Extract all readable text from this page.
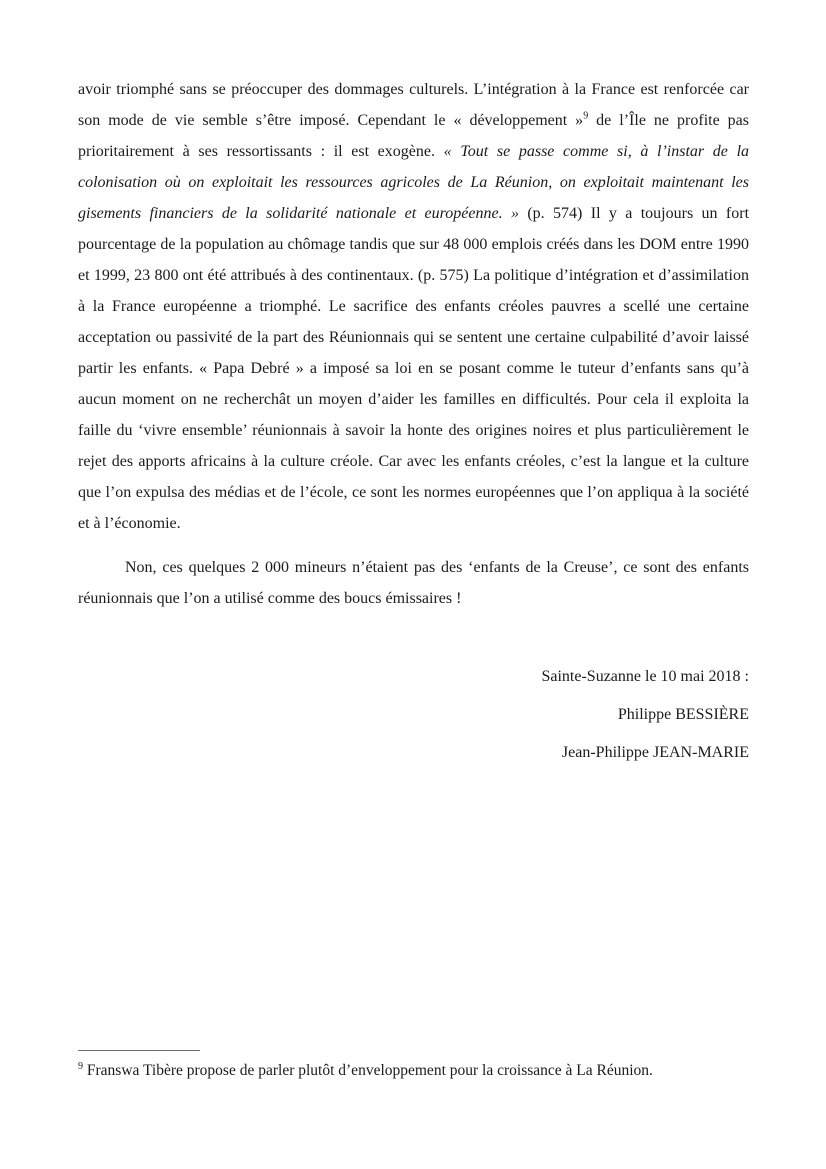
avoir triomphé sans se préoccuper des dommages culturels. L’intégration à la France est renforcée car son mode de vie semble s’être imposé. Cependant le « développement »$^9$ de l’Île ne profite pas prioritairement à ses ressortissants : il est exogène. « Tout se passe comme si, à l’instar de la colonisation où on exploitait les ressources agricoles de La Réunion, on exploitait maintenant les gisements financiers de la solidarité nationale et européenne. » (p. 574) Il y a toujours un fort pourcentage de la population au chômage tandis que sur 48 000 emplois créés dans les DOM entre 1990 et 1999, 23 800 ont été attribués à des continentaux. (p. 575) La politique d’intégration et d’assimilation à la France européenne a triomphé. Le sacrifice des enfants créoles pauvres a scellé une certaine acceptation ou passivité de la part des Réunionnais qui se sentent une certaine culpabilité d’avoir laissé partir les enfants. « Papa Debré » a imposé sa loi en se posant comme le tuteur d’enfants sans qu’à aucun moment on ne recherchât un moyen d’aider les familles en difficultés. Pour cela il exploita la faille du ‘vivre ensemble’ réunionnais à savoir la honte des origines noires et plus particulièrement le rejet des apports africains à la culture créole. Car avec les enfants créoles, c’est la langue et la culture que l’on expulsa des médias et de l’école, ce sont les normes européennes que l’on appliqua à la société et à l’économie.

Non, ces quelques 2 000 mineurs n’étaient pas des ‘enfants de la Creuse’, ce sont des enfants réunionnais que l’on a utilisé comme des boucs émissaires !

Sainte-Suzanne le 10 mai 2018 :

Philippe BESSIÈRE

Jean-Philippe JEAN-MARIE

$^9$ Franswa Tibère propose de parler plutôt d’enveloppement pour la croissance à La Réunion.
